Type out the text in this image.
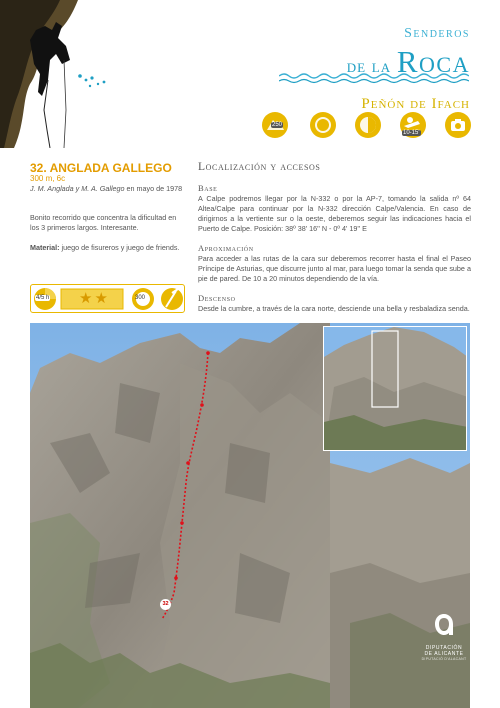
Senderos
de la Roca
Peñón de Ifach
250
10-15'
32. ANGLADA GALLEGO
300 m, 6c
J. M. Anglada y M. A. Gallego en mayo de 1978
Bonito recorrido que concentra la dificultad en los 3 primeros largos. Interesante.
Material: juego de fisureros y juego de friends.
4/5 h ★★	300
Localización y accesos
Base
A Calpe podremos llegar por la N-332 o por la AP-7, tomando la salida nº 64 Altea/Calpe para continuar por la N-332 dirección Calpe/Valencia. En caso de dirigirnos a la vertiente sur o la oeste, deberemos seguir las indicaciones hacia el Puerto de Calpe. Posición: 38º 38' 16'' N - 0º 4' 19'' E
Aproximación
Para acceder a las rutas de la cara sur deberemos recorrer hasta el final el Paseo Príncipe de Asturias, que discurre junto al mar, para luego tomar la senda que sube a pie de pared. De 10 a 20 minutos dependiendo de la vía.
Descenso
Desde la cumbre, a través de la cara norte, desciende una bella y resbaladiza senda.
32
DIPUTACIÓN
DE ALICANTE
DIPUTACIÓ D'ALACANT
